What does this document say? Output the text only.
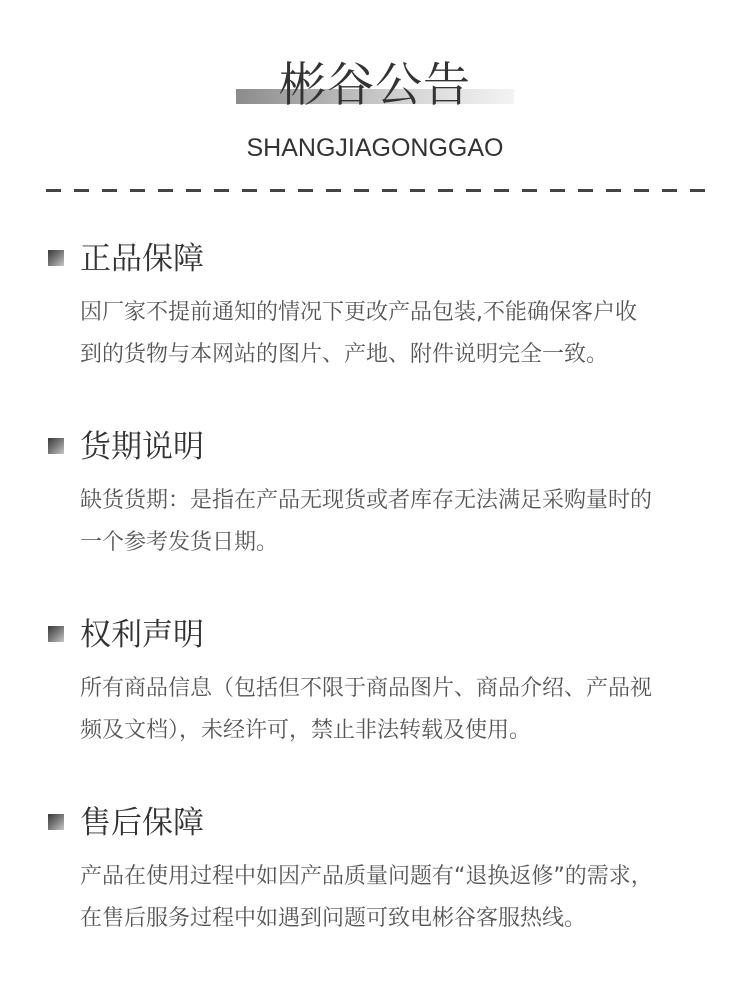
彬谷公告
SHANGJIAGONGGAO
正品保障
因厂家不提前通知的情况下更改产品包装,不能确保客户收
到的货物与本网站的图片、产地、附件说明完全一致。
货期说明
缺货货期：是指在产品无现货或者库存无法满足采购量时的
一个参考发货日期。
权利声明
所有商品信息（包括但不限于商品图片、商品介绍、产品视
频及文档），未经许可，禁止非法转载及使用。
售后保障
产品在使用过程中如因产品质量问题有“退换返修”的需求，
在售后服务过程中如遇到问题可致电彬谷客服热线。
